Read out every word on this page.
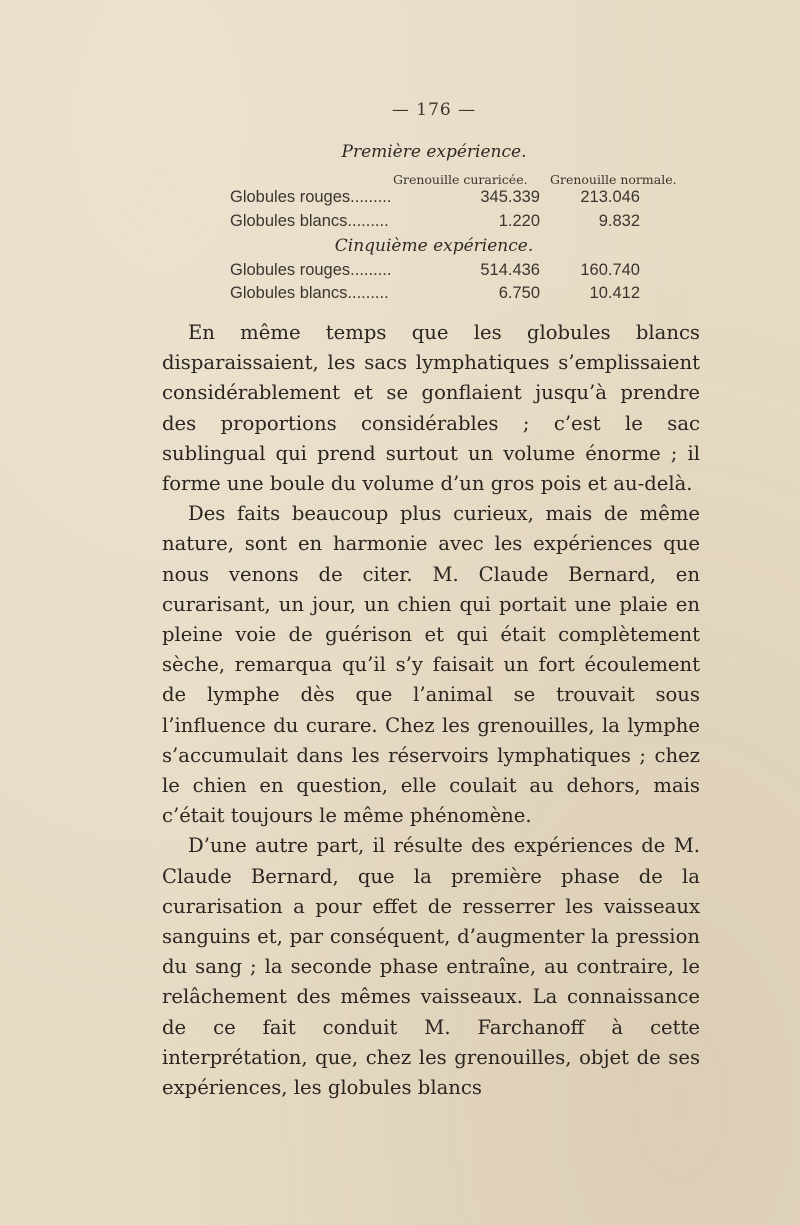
— 176 —
Première expérience.
Grenouille curaricée.	Grenouille normale.
Globules rouges.........	345.339 213.046
Globules blancs.........	1.220	9.832
Cinquième expérience.
Globules rouges.........	514.436 160.740
Globules blancs.........	6.750	10.412

En même temps que les globules blancs disparaissaient, les sacs lymphatiques s’emplissaient considérablement et se gonflaient jusqu’à prendre des proportions considérables ; c’est le sac sublingual qui prend surtout un volume énorme ; il forme une boule du volume d’un gros pois et au-delà.

Des faits beaucoup plus curieux, mais de même nature, sont en harmonie avec les expériences que nous venons de citer. M. Claude Bernard, en curarisant, un jour, un chien qui portait une plaie en pleine voie de guérison et qui était complètement sèche, remarqua qu’il s’y faisait un fort écoulement de lymphe dès que l’animal se trouvait sous l’influence du curare. Chez les grenouilles, la lymphe s’accumulait dans les réservoirs lymphatiques ; chez le chien en question, elle coulait au dehors, mais c’était toujours le même phénomène.

D’une autre part, il résulte des expériences de M. Claude Bernard, que la première phase de la curarisation a pour effet de resserrer les vaisseaux sanguins et, par conséquent, d’augmenter la pression du sang ; la seconde phase entraîne, au contraire, le relâchement des mêmes vaisseaux. La connaissance de ce fait conduit M. Farchanoff à cette interprétation, que, chez les grenouilles, objet de ses expériences, les globules blancs
